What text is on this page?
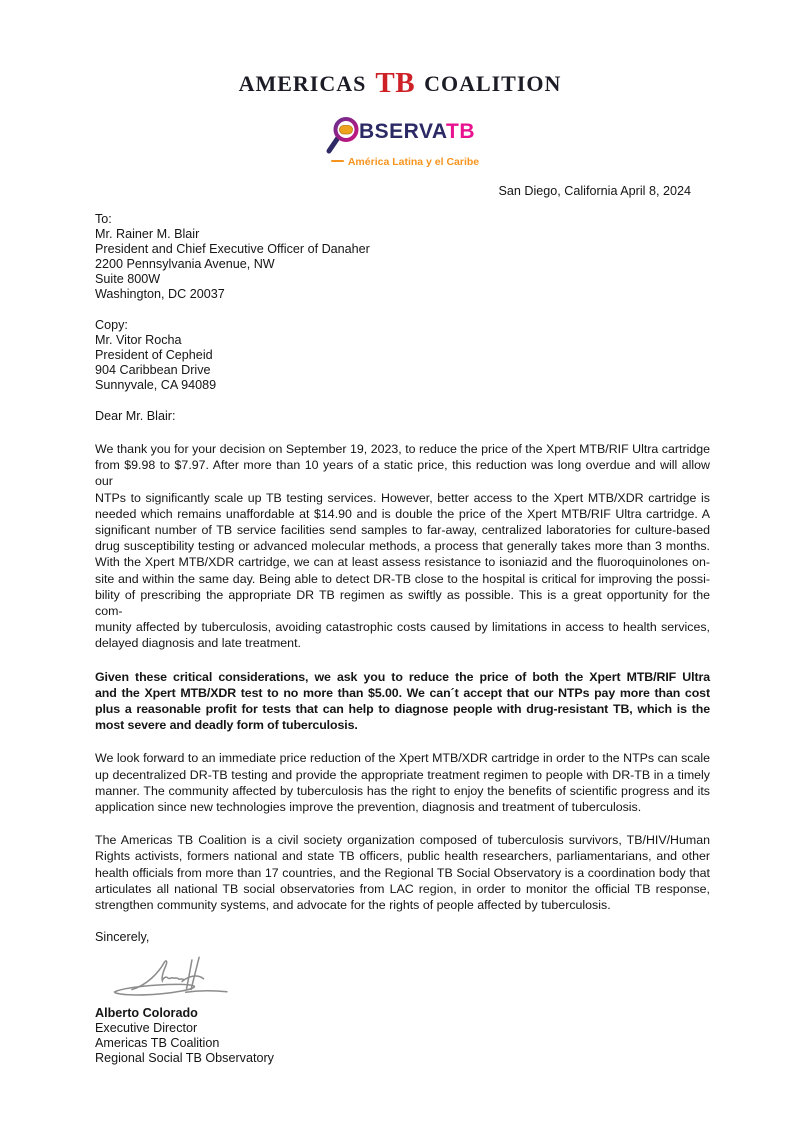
AMERICAS TB COALITION
BSERVATB
América Latina y el Caribe
San Diego, California April 8, 2024
To:
Mr. Rainer M. Blair
President and Chief Executive Officer of Danaher
2200 Pennsylvania Avenue, NW
Suite 800W
Washington, DC 20037
Copy:
Mr. Vitor Rocha
President of Cepheid
904 Caribbean Drive
Sunnyvale, CA 94089
Dear Mr. Blair:
We thank you for your decision on September 19, 2023, to reduce the price of the Xpert MTB/RIF Ultra cartridge
from $9.98 to $7.97. After more than 10 years of a static price, this reduction was long overdue and will allow our
NTPs to significantly scale up TB testing services. However, better access to the Xpert MTB/XDR cartridge is
needed which remains unaffordable at $14.90 and is double the price of the Xpert MTB/RIF Ultra cartridge. A
significant number of TB service facilities send samples to far-away, centralized laboratories for culture-based
drug susceptibility testing or advanced molecular methods, a process that generally takes more than 3 months.
With the Xpert MTB/XDR cartridge, we can at least assess resistance to isoniazid and the fluoroquinolones on-
site and within the same day. Being able to detect DR-TB close to the hospital is critical for improving the possi-
bility of prescribing the appropriate DR TB regimen as swiftly as possible. This is a great opportunity for the com-
munity affected by tuberculosis, avoiding catastrophic costs caused by limitations in access to health services,
delayed diagnosis and late treatment.
Given these critical considerations, we ask you to reduce the price of both the Xpert MTB/RIF Ultra
and the Xpert MTB/XDR test to no more than $5.00. We can´t accept that our NTPs pay more than cost
plus a reasonable profit for tests that can help to diagnose people with drug-resistant TB, which is the
most severe and deadly form of tuberculosis.
We look forward to an immediate price reduction of the Xpert MTB/XDR cartridge in order to the NTPs can scale
up decentralized DR-TB testing and provide the appropriate treatment regimen to people with DR-TB in a timely
manner. The community affected by tuberculosis has the right to enjoy the benefits of scientific progress and its
application since new technologies improve the prevention, diagnosis and treatment of tuberculosis.
The Americas TB Coalition is a civil society organization composed of tuberculosis survivors, TB/HIV/Human
Rights activists, formers national and state TB officers, public health researchers, parliamentarians, and other
health officials from more than 17 countries, and the Regional TB Social Observatory is a coordination body that
articulates all national TB social observatories from LAC region, in order to monitor the official TB response,
strengthen community systems, and advocate for the rights of people affected by tuberculosis.
Sincerely,
Alberto Colorado
Executive Director
Americas TB Coalition
Regional Social TB Observatory
